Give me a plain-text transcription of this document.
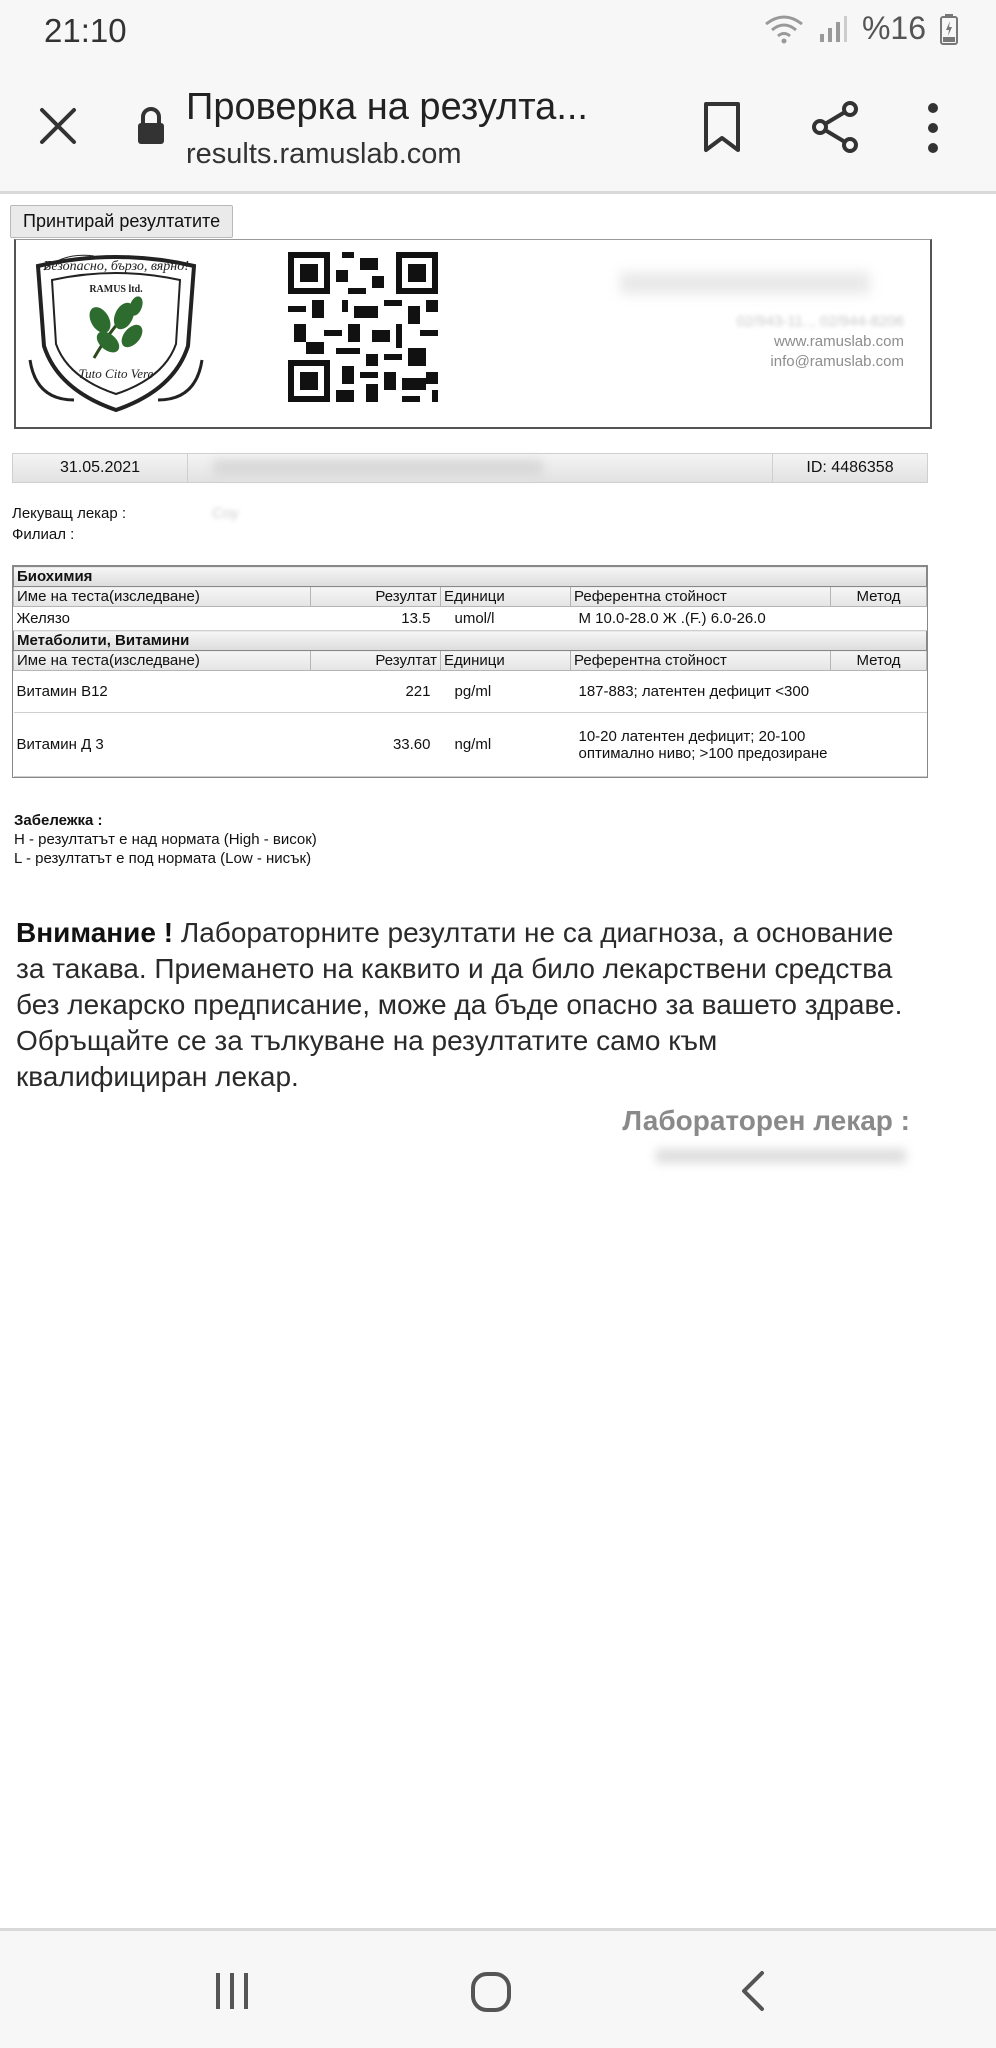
21:10	%16
Проверка на резулта...
results.ramuslab.com
Принтирай резултатите
Безопасно, бързо, вярно!
RAMUS ltd.
Tuto Cito Vere
02/943-11.., 02/944-8206
www.ramuslab.com
info@ramuslab.com
31.05.2021	ID: 4486358
Лекуващ лекар :	Соу
Филиал :
Биохимия				
Име на теста(изследване)	Резултат	Единици	Референтна стойност	Метод
Желязо	13.5	umol/l	М 10.0-28.0 Ж .(F.) 6.0-26.0	
Метаболити, Витамини				
Име на теста(изследване)	Резултат	Единици	Референтна стойност	Метод
Витамин В12	221	pg/ml	187-883; латентен дефицит <300	
Витамин Д 3	33.60	ng/ml	10-20 латентен дефицит; 20-100 оптимално ниво; >100 предозиране	
Забележка :
H - резултатът е над нормата (High - висок)
L - резултатът е под нормата (Low - нисък)
Внимание ! Лабораторните резултати не са диагноза, а основание за такава. Приемането на каквито и да било лекарствени средства без лекарско предписание, може да бъде опасно за вашето здраве. Обръщайте се за тълкуване на резултатите само към квалифициран лекар.
Лабораторен лекар :
